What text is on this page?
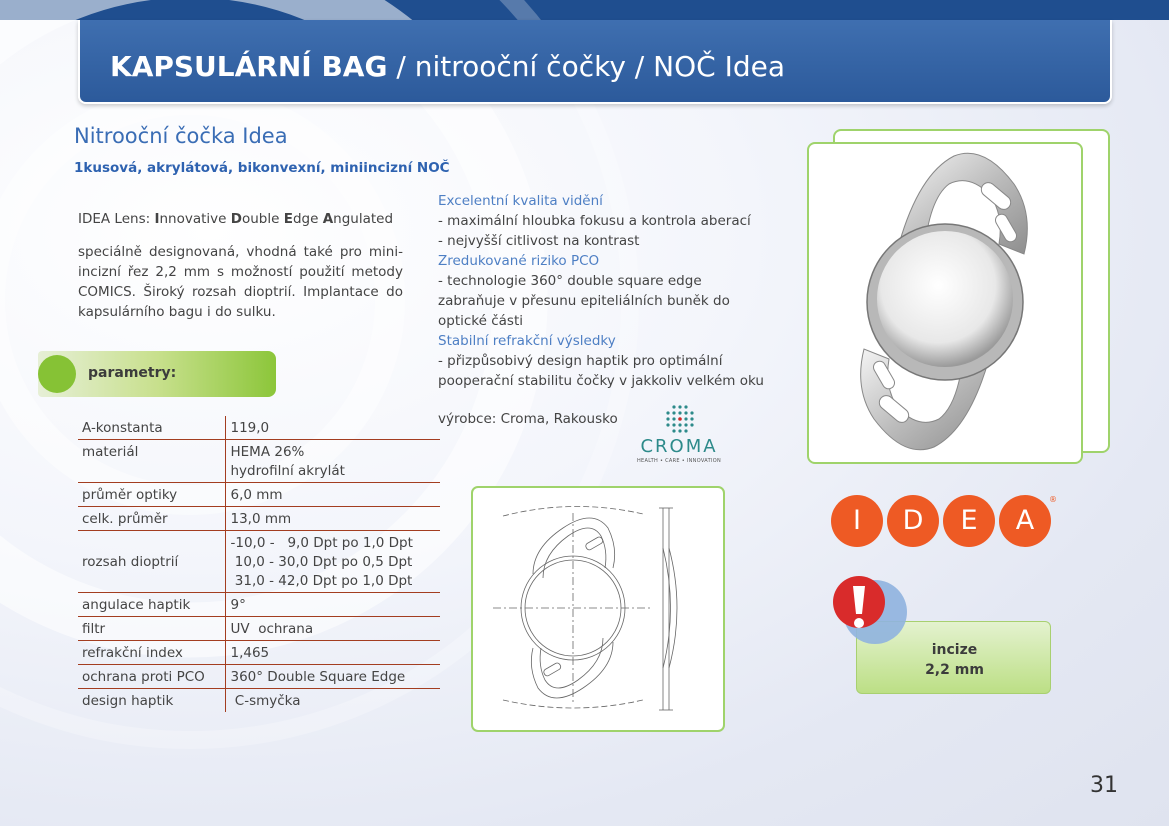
KAPSULÁRNÍ BAG / nitrooční čočky / NOČ Idea
Nitrooční čočka Idea
1kusová, akrylátová, bikonvexní, miniincizní NOČ
IDEA Lens: Innovative Double Edge Angulated
speciálně designovaná, vhodná také pro mini-incizní řez 2,2 mm s možností použití metody COMICS. Široký rozsah dioptrií. Implantace do kapsulárního bagu i do sulku.
parametry:
A-konstanta	119,0
materiál	HEMA 26%
hydrofilní akrylát
průměr optiky	6,0 mm
celk. průměr	13,0 mm
rozsah dioptrií	-10,0 -   9,0 Dpt po 1,0 Dpt
10,0 - 30,0 Dpt po 0,5 Dpt
31,0 - 42,0 Dpt po 1,0 Dpt
angulace haptik	9°
filtr	UV  ochrana
refrakční index	1,465
ochrana proti PCO	360° Double Square Edge
design haptik	C-smyčka
Excelentní kvalita vidění
- maximální hloubka fokusu a kontrola aberací
- nejvyšší citlivost na kontrast
Zredukované riziko PCO
- technologie 360° double square edge zabraňuje v přesunu epiteliálních buněk do optické části
Stabilní refrakční výsledky
- přizpůsobivý design haptik pro optimální pooperační stabilitu čočky v jakkoliv velkém oku
výrobce: Croma, Rakousko
CROMA
HEALTH • CARE • INNOVATION
I	D	E	A
®
incize
2,2 mm
31
